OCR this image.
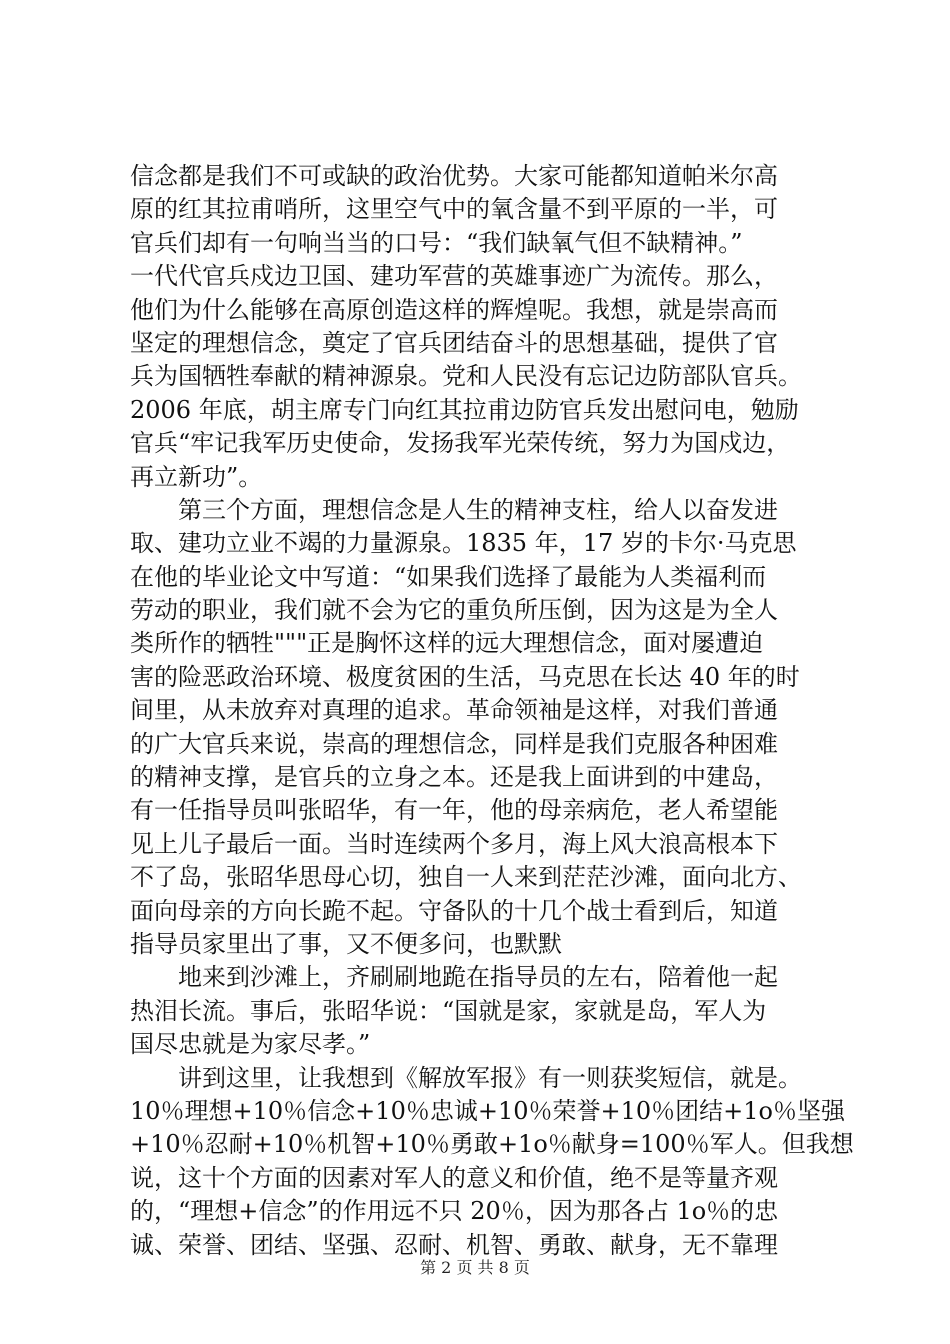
信念都是我们不可或缺的政治优势。大家可能都知道帕米尔高
原的红其拉甫哨所，这里空气中的氧含量不到平原的一半，可
官兵们却有一句响当当的口号：“我们缺氧气但不缺精神。”
一代代官兵戍边卫国、建功军营的英雄事迹广为流传。那么，
他们为什么能够在高原创造这样的辉煌呢。我想，就是崇高而
坚定的理想信念，奠定了官兵团结奋斗的思想基础，提供了官
兵为国牺牲奉献的精神源泉。党和人民没有忘记边防部队官兵。
2006 年底，胡主席专门向红其拉甫边防官兵发出慰问电，勉励
官兵“牢记我军历史使命，发扬我军光荣传统，努力为国戍边，
再立新功”。
　　第三个方面，理想信念是人生的精神支柱，给人以奋发进
取、建功立业不竭的力量源泉。1835 年，17 岁的卡尔·马克思
在他的毕业论文中写道：“如果我们选择了最能为人类福利而
劳动的职业，我们就不会为它的重负所压倒，因为这是为全人
类所作的牺牲"""正是胸怀这样的远大理想信念，面对屡遭迫
害的险恶政治环境、极度贫困的生活，马克思在长达 40 年的时
间里，从未放弃对真理的追求。革命领袖是这样，对我们普通
的广大官兵来说，崇高的理想信念，同样是我们克服各种困难
的精神支撑，是官兵的立身之本。还是我上面讲到的中建岛，
有一任指导员叫张昭华，有一年，他的母亲病危，老人希望能
见上儿子最后一面。当时连续两个多月，海上风大浪高根本下
不了岛，张昭华思母心切，独自一人来到茫茫沙滩，面向北方、
面向母亲的方向长跪不起。守备队的十几个战士看到后，知道
指导员家里出了事，又不便多问，也默默
　　地来到沙滩上，齐刷刷地跪在指导员的左右，陪着他一起
热泪长流。事后，张昭华说：“国就是家，家就是岛，军人为
国尽忠就是为家尽孝。”
　　讲到这里，让我想到《解放军报》有一则获奖短信，就是。
10％理想+10％信念+10％忠诚+10％荣誉+10％团结+1o％坚强
+10％忍耐+10％机智+10％勇敢+1o％献身=100％军人。但我想
说，这十个方面的因素对军人的意义和价值，绝不是等量齐观
的，“理想+信念”的作用远不只 20％，因为那各占 1o％的忠
诚、荣誉、团结、坚强、忍耐、机智、勇敢、献身，无不靠理
第 2 页 共 8 页
